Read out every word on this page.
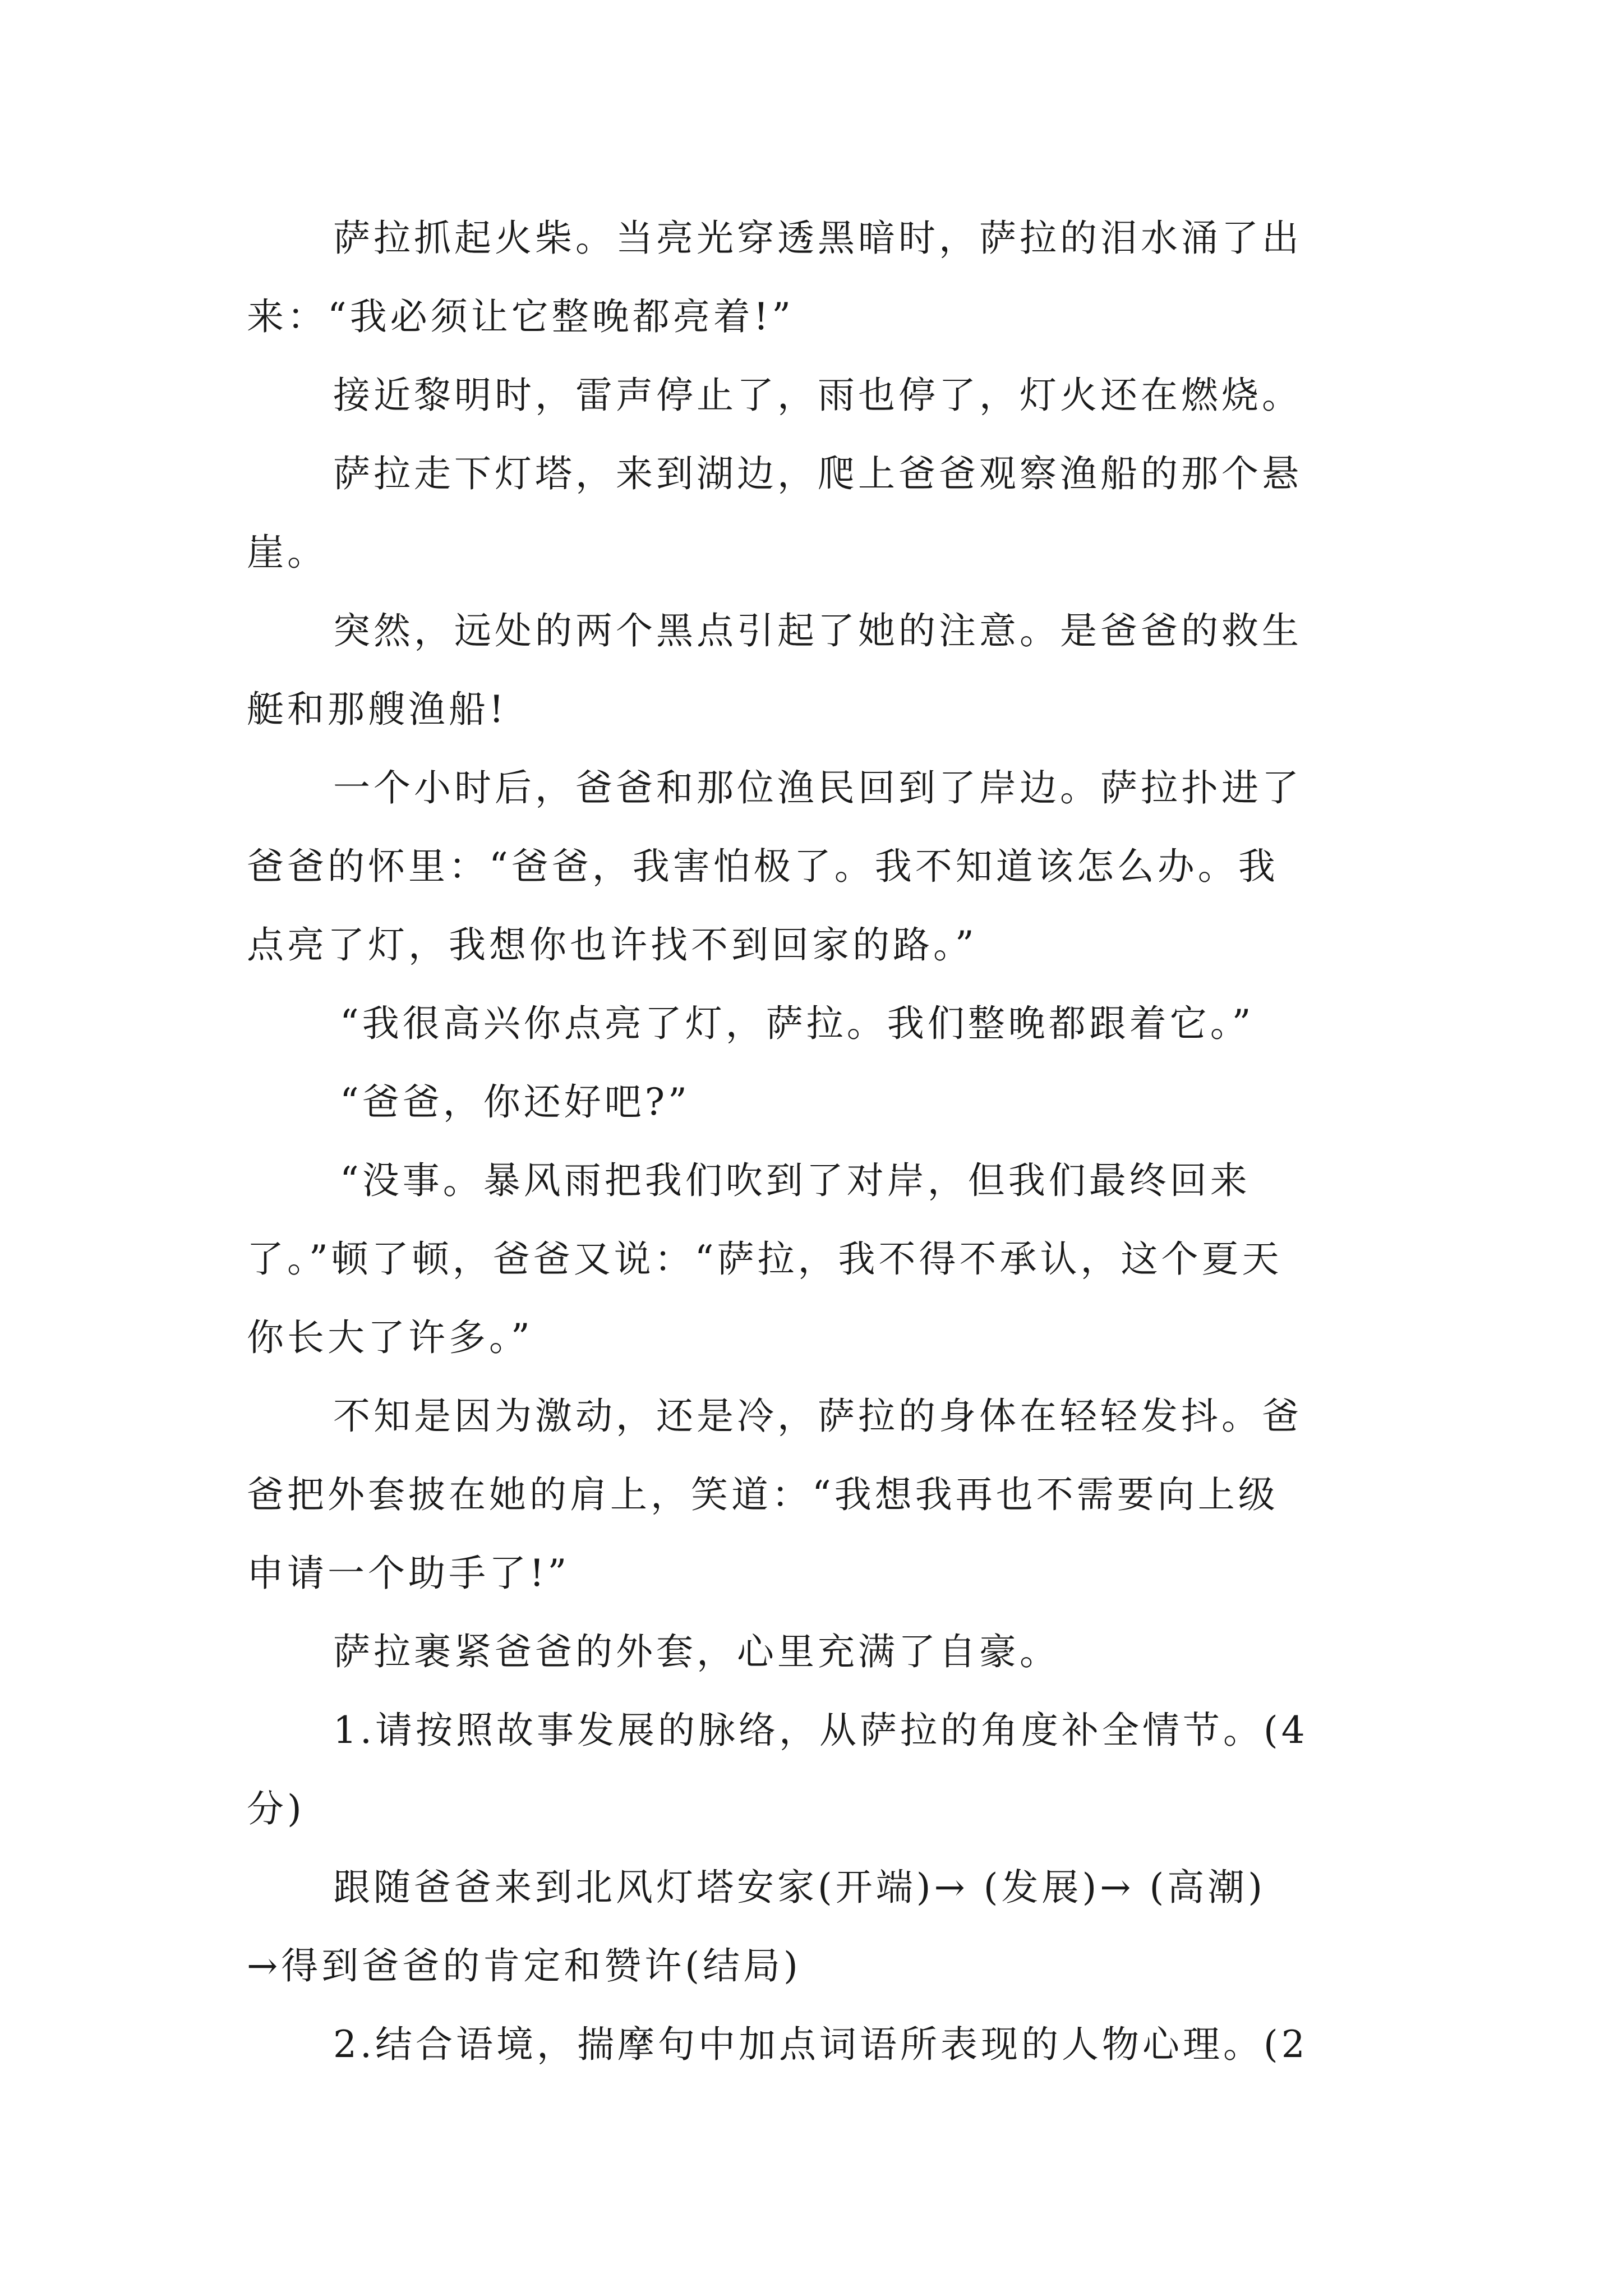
萨拉抓起火柴。当亮光穿透黑暗时，萨拉的泪水涌了出
来：“我必须让它整晚都亮着!”
接近黎明时，雷声停止了，雨也停了，灯火还在燃烧。
萨拉走下灯塔，来到湖边，爬上爸爸观察渔船的那个悬
崖。
突然，远处的两个黑点引起了她的注意。是爸爸的救生
艇和那艘渔船!
一个小时后，爸爸和那位渔民回到了岸边。萨拉扑进了
爸爸的怀里：“爸爸，我害怕极了。我不知道该怎么办。我
点亮了灯，我想你也许找不到回家的路。”
“我很高兴你点亮了灯，萨拉。我们整晚都跟着它。”
“爸爸，你还好吧?”
“没事。暴风雨把我们吹到了对岸，但我们最终回来
了。”顿了顿，爸爸又说：“萨拉，我不得不承认，这个夏天
你长大了许多。”
不知是因为激动，还是冷，萨拉的身体在轻轻发抖。爸
爸把外套披在她的肩上，笑道：“我想我再也不需要向上级
申请一个助手了!”
萨拉裹紧爸爸的外套，心里充满了自豪。
1.请按照故事发展的脉络，从萨拉的角度补全情节。(4
分)
跟随爸爸来到北风灯塔安家(开端)→ (发展)→ (高潮)
→得到爸爸的肯定和赞许(结局)
2.结合语境，揣摩句中加点词语所表现的人物心理。(2
